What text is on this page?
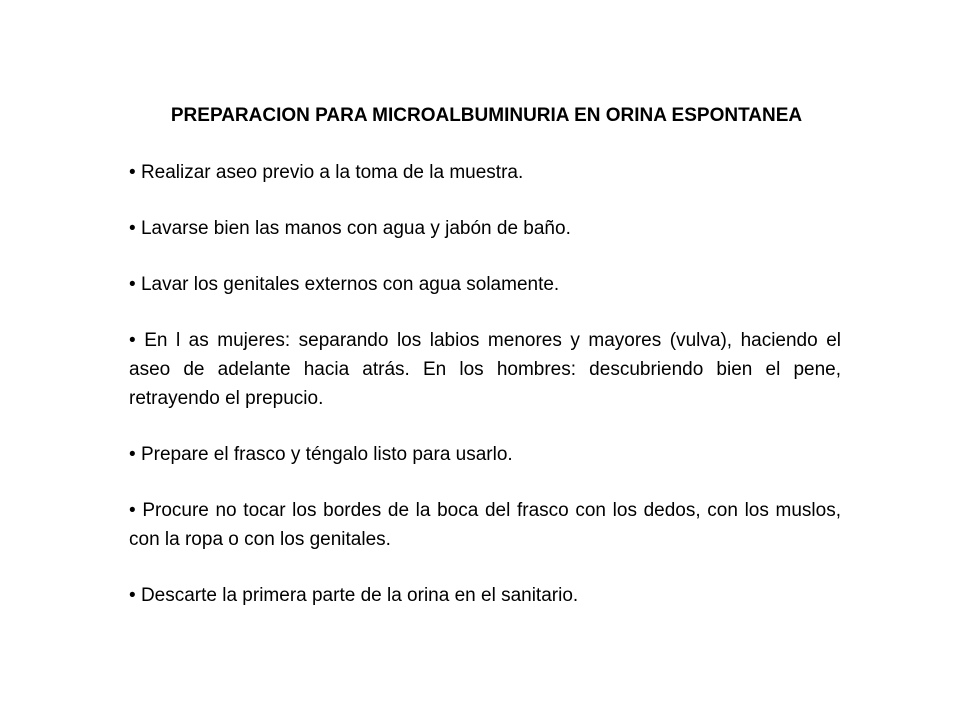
PREPARACION PARA MICROALBUMINURIA EN ORINA ESPONTANEA
• Realizar aseo previo a la toma de la muestra.
• Lavarse bien las manos con agua y jabón de baño.
• Lavar los genitales externos con agua solamente.
• En l as mujeres: separando los labios menores y mayores (vulva), haciendo el aseo de adelante hacia atrás. En los hombres: descubriendo bien el pene, retrayendo el prepucio.
• Prepare el frasco y téngalo listo para usarlo.
• Procure no tocar los bordes de la boca del frasco con los dedos, con los muslos, con la ropa o con los genitales.
• Descarte la primera parte de la orina en el sanitario.
